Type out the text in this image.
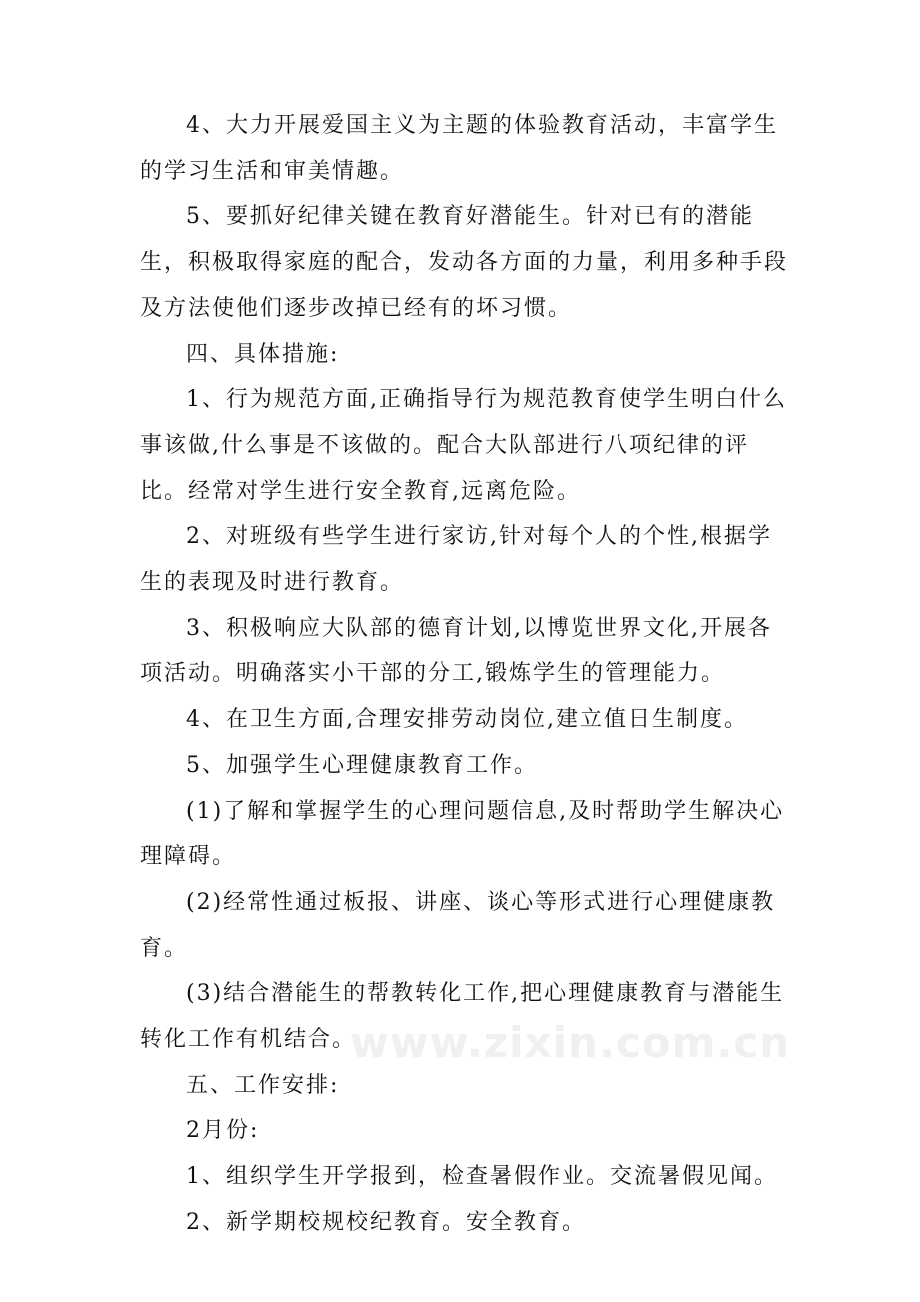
4、大力开展爱国主义为主题的体验教育活动，丰富学生的学习生活和审美情趣。

5、要抓好纪律关键在教育好潜能生。针对已有的潜能生，积极取得家庭的配合，发动各方面的力量，利用多种手段及方法使他们逐步改掉已经有的坏习惯。

四、具体措施:

1、行为规范方面,正确指导行为规范教育使学生明白什么事该做,什么事是不该做的。配合大队部进行八项纪律的评比。经常对学生进行安全教育,远离危险。

2、对班级有些学生进行家访,针对每个人的个性,根据学生的表现及时进行教育。

3、积极响应大队部的德育计划,以博览世界文化,开展各项活动。明确落实小干部的分工,锻炼学生的管理能力。

4、在卫生方面,合理安排劳动岗位,建立值日生制度。

5、加强学生心理健康教育工作。

(1)了解和掌握学生的心理问题信息,及时帮助学生解决心理障碍。

(2)经常性通过板报、讲座、谈心等形式进行心理健康教育。

(3)结合潜能生的帮教转化工作,把心理健康教育与潜能生转化工作有机结合。

五、工作安排:

2月份:

1、组织学生开学报到，检查暑假作业。交流暑假见闻。

2、新学期校规校纪教育。安全教育。

www.zixin.com.cn
